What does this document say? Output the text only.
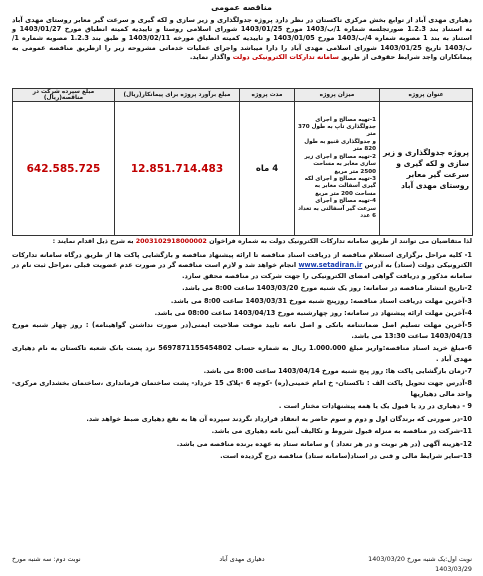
مناقصه عمومی
دهیاری مهدی آباد از توابع بخش مرکزی تاکستان در نظر دارد پروژه جدولگذاری و زیر سازی و لکه گیری و سرعت گیر معابر روستای مهدی آباد به استناد بند 1.2.3 صورتجلسه شماره 1/ب/1403 مورخ 1403/01/25 شورای اسلامی روستا و تاییدیه کمیته انطباق مورخ 1403/01/27 و استناد به بند 1 مصوبه شماره 4/ب/1403 مورخ 1403/01/05 و تاییدیه کمیته انطباق مورخه 1403/02/11 و طبق بند 1.2.3 مصوبه شماره 1/ب/1403 تاریخ 1403/01/25 شورای اسلامی مهدی آباد را دارا میباشد واجرای عملیات خدماتی مشروحه زیر را ازطریق مناقصه عمومی به پیمانکاران واجد شرایط حقوقی از طریق سامانه تدارکات الکترونیکی دولت واگذار نماید.
عنوان پروژه	میزان پروژه	مدت پروژه	مبلغ برآورد پروژه برای پیمانکار(ریال)	مبلغ سپرده شرکت در مناقصه(ریال)
پروژه جدولگذاری و زیر سازی و لکه گیری و سرعت گیر معابر روستای مهدی آباد	1-تهیه مصالح و اجرای جدولگذاری تاپ به طول 370 متر
و جدولگذاری قنیو به طول 820 متر
2-تهیه مصالح و اجرای زیر سازی معابر به مساحت 2500 متر مربع
3-تهیه مصالح و اجرای لکه گیری آسفالت معابر به مساحت 200 متر مربع
4-تهیه مصالح و اجرای سرعت گیر آسفالتی به تعداد 6 عدد	4 ماه	12.851.714.483	642.585.725
لذا متقاضیان می توانند از طریق سامانه تدارکات الکترونیک دولت به شماره فراخوان 2003102918000002 به شرح ذیل اقدام نمایند :
1- کلیه مراحل برگزاری استعلام مناقصه از دریافت اسناد مناقصه تا ارائه پیشنهاد مناقصه و بازگشایی پاکت ها از طریق درگاه سامانه تدارکات الکترونیکی دولت (ستاد) به آدرس www.setadiran.ir انجام خواهد شد و لازم است مناقصه گر در صورت عدم عضویت قبلی ،مراحل ثبت نام در سامانه مذکور و دریافت گواهی امضای الکترونیکی را جهت شرکت در مناقصه محقق سازد.
2-تاریخ انتشار مناقصه در سامانه: روز یک شنبه مورخ 1403/03/20 ساعت 8:00 می باشد.
3-آخرین مهلت دریافت اسناد مناقصه: روزپنج شنبه مورخ 1403/03/31 ساعت 8:00 می باشد.
4-آخرین مهلت ارائه پیشنهاد در سامانه: روز چهارشنبه مورخ 1403/04/13 ساعت 08:00 می باشد.
5-آخرین مهلت تسلیم اصل ضمانتنامه بانکی و اصل نامه تایید موقت صلاحیت ایمنی(در صورت نداشتن گواهینامه) : روز چهار شنبه مورخ 1403/04/13 ساعت 13:30 می باشد.
6-مبلغ خرید اسناد مناقصه:واریز مبلغ 1.000.000 ریال به شماره حساب 5697871155454802 نزد پست بانک شعبه تاکستان به نام دهیاری مهدی آباد .
7-زمان بازگشایی پاکت ها: روز پنج شنبه مورخ 1403/04/14 ساعت 8:00 می باشد.
8-آدرس جهت تحویل پاکت الف : تاکستان- خ امام خمینی(ره) -کوچه 6 -پلاک 15 خرداد- پشت ساختمان فرمانداری ،ساختمان بخشداری مرکزی-واحد مالی دهیاریها
9 - دهیاری در رد یا قبول یک یا همه پیشنهادات مختار است .
10-در صورتی که برندگان اول و دوم و سوم حاضر به انعقاد قرارداد نگردند سپرده آن ها به نفع دهیاری ضبط خواهد شد.
11-شرکت در مناقصه به منزله قبول شروط و تکالیف آیین نامه دهیاری می باشد.
12-هزینه آگهی (در هر نوبت و در هر تعداد ) و سامانه ستاد به عهده برنده مناقصه می باشد.
13-سایر شرایط مالی و فنی در اسناد(سامانه ستاد) مناقصه درج گردیده است.
نوبت اول:یک شنبه مورخ 1403/03/20
1403/03/29
دهیاری مهدی آباد
نوبت دوم: سه شنبه مورخ
